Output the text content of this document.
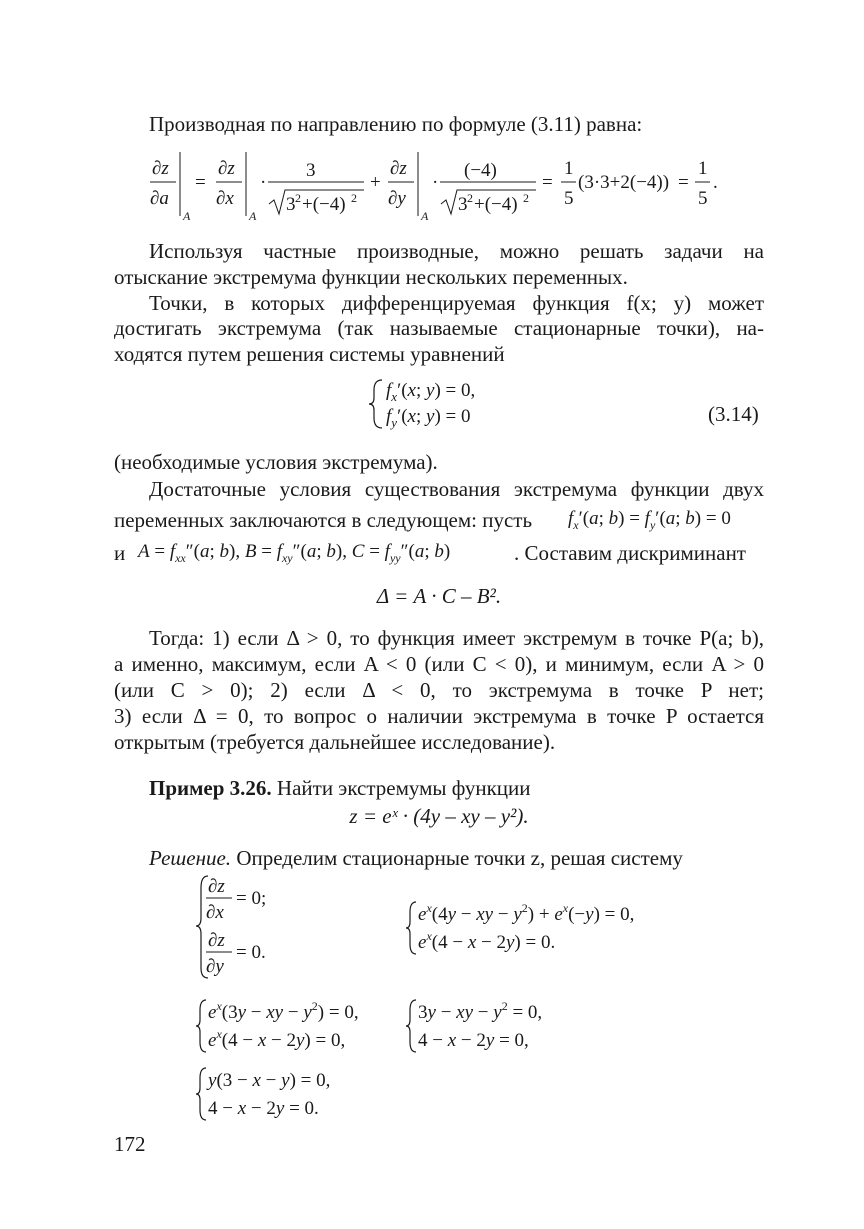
Производная по направлению по формуле (3.11) равна:
∂z
∂a
A
=
∂z
∂x
A
·
3
3 2 +(−4) 2
+
∂z
∂y
A
·
(−4)
3 2 +(−4) 2
=
1
5
(3·3+2(−4)) =
1
5
.
Используя частные производные, можно решать задачи на
отыскание экстремума функции нескольких переменных.
Точки, в которых дифференцируемая функция f(x; y) может
достигать экстремума (так называемые стационарные точки), на-
ходятся путем решения системы уравнений
$f_x'(x$; y) = 0,
$f_y'(x$; y) = 0	(3.14)
(необходимые условия экстремума).
Достаточные условия существования экстремума функции двух
переменных заключаются в следующем: пусть $f_x'(a$; $b) = f_y'(a$; b) = 0
и $A = f_{xx}''(a$; b), $B = f_{xy}''(a$; b), $C = f_{yy}''(a$; b)	. Составим дискриминант
Δ = A · C – B².
Тогда: 1) если Δ > 0, то функция имеет экстремум в точке P(a; b),
а именно, максимум, если A < 0 (или C < 0), и минимум, если A > 0
(или C > 0); 2) если Δ < 0, то экстремума в точке P нет;
3) если Δ = 0, то вопрос о наличии экстремума в точке P остается
открытым (требуется дальнейшее исследование).
Пример 3.26. Найти экстремумы функции
z = eˣ · (4y – xy – y²).
Решение. Определим стационарные точки z, решая систему
∂z
∂x
= 0;
∂z
∂y
= 0.
$e^x(4y$ − xy − $y^2) + e^x(-y) = 0$,
$e^x(4 - x - 2y) = 0$.
$e^x(3y$ − xy − $y^2) = 0$,
$e^x(4 - x - 2y) = 0$,
3y − xy − $y^2 = 0$,
4 − x − 2y = 0,
y(3 − x − y) = 0,
4 − x − 2y = 0.
172
